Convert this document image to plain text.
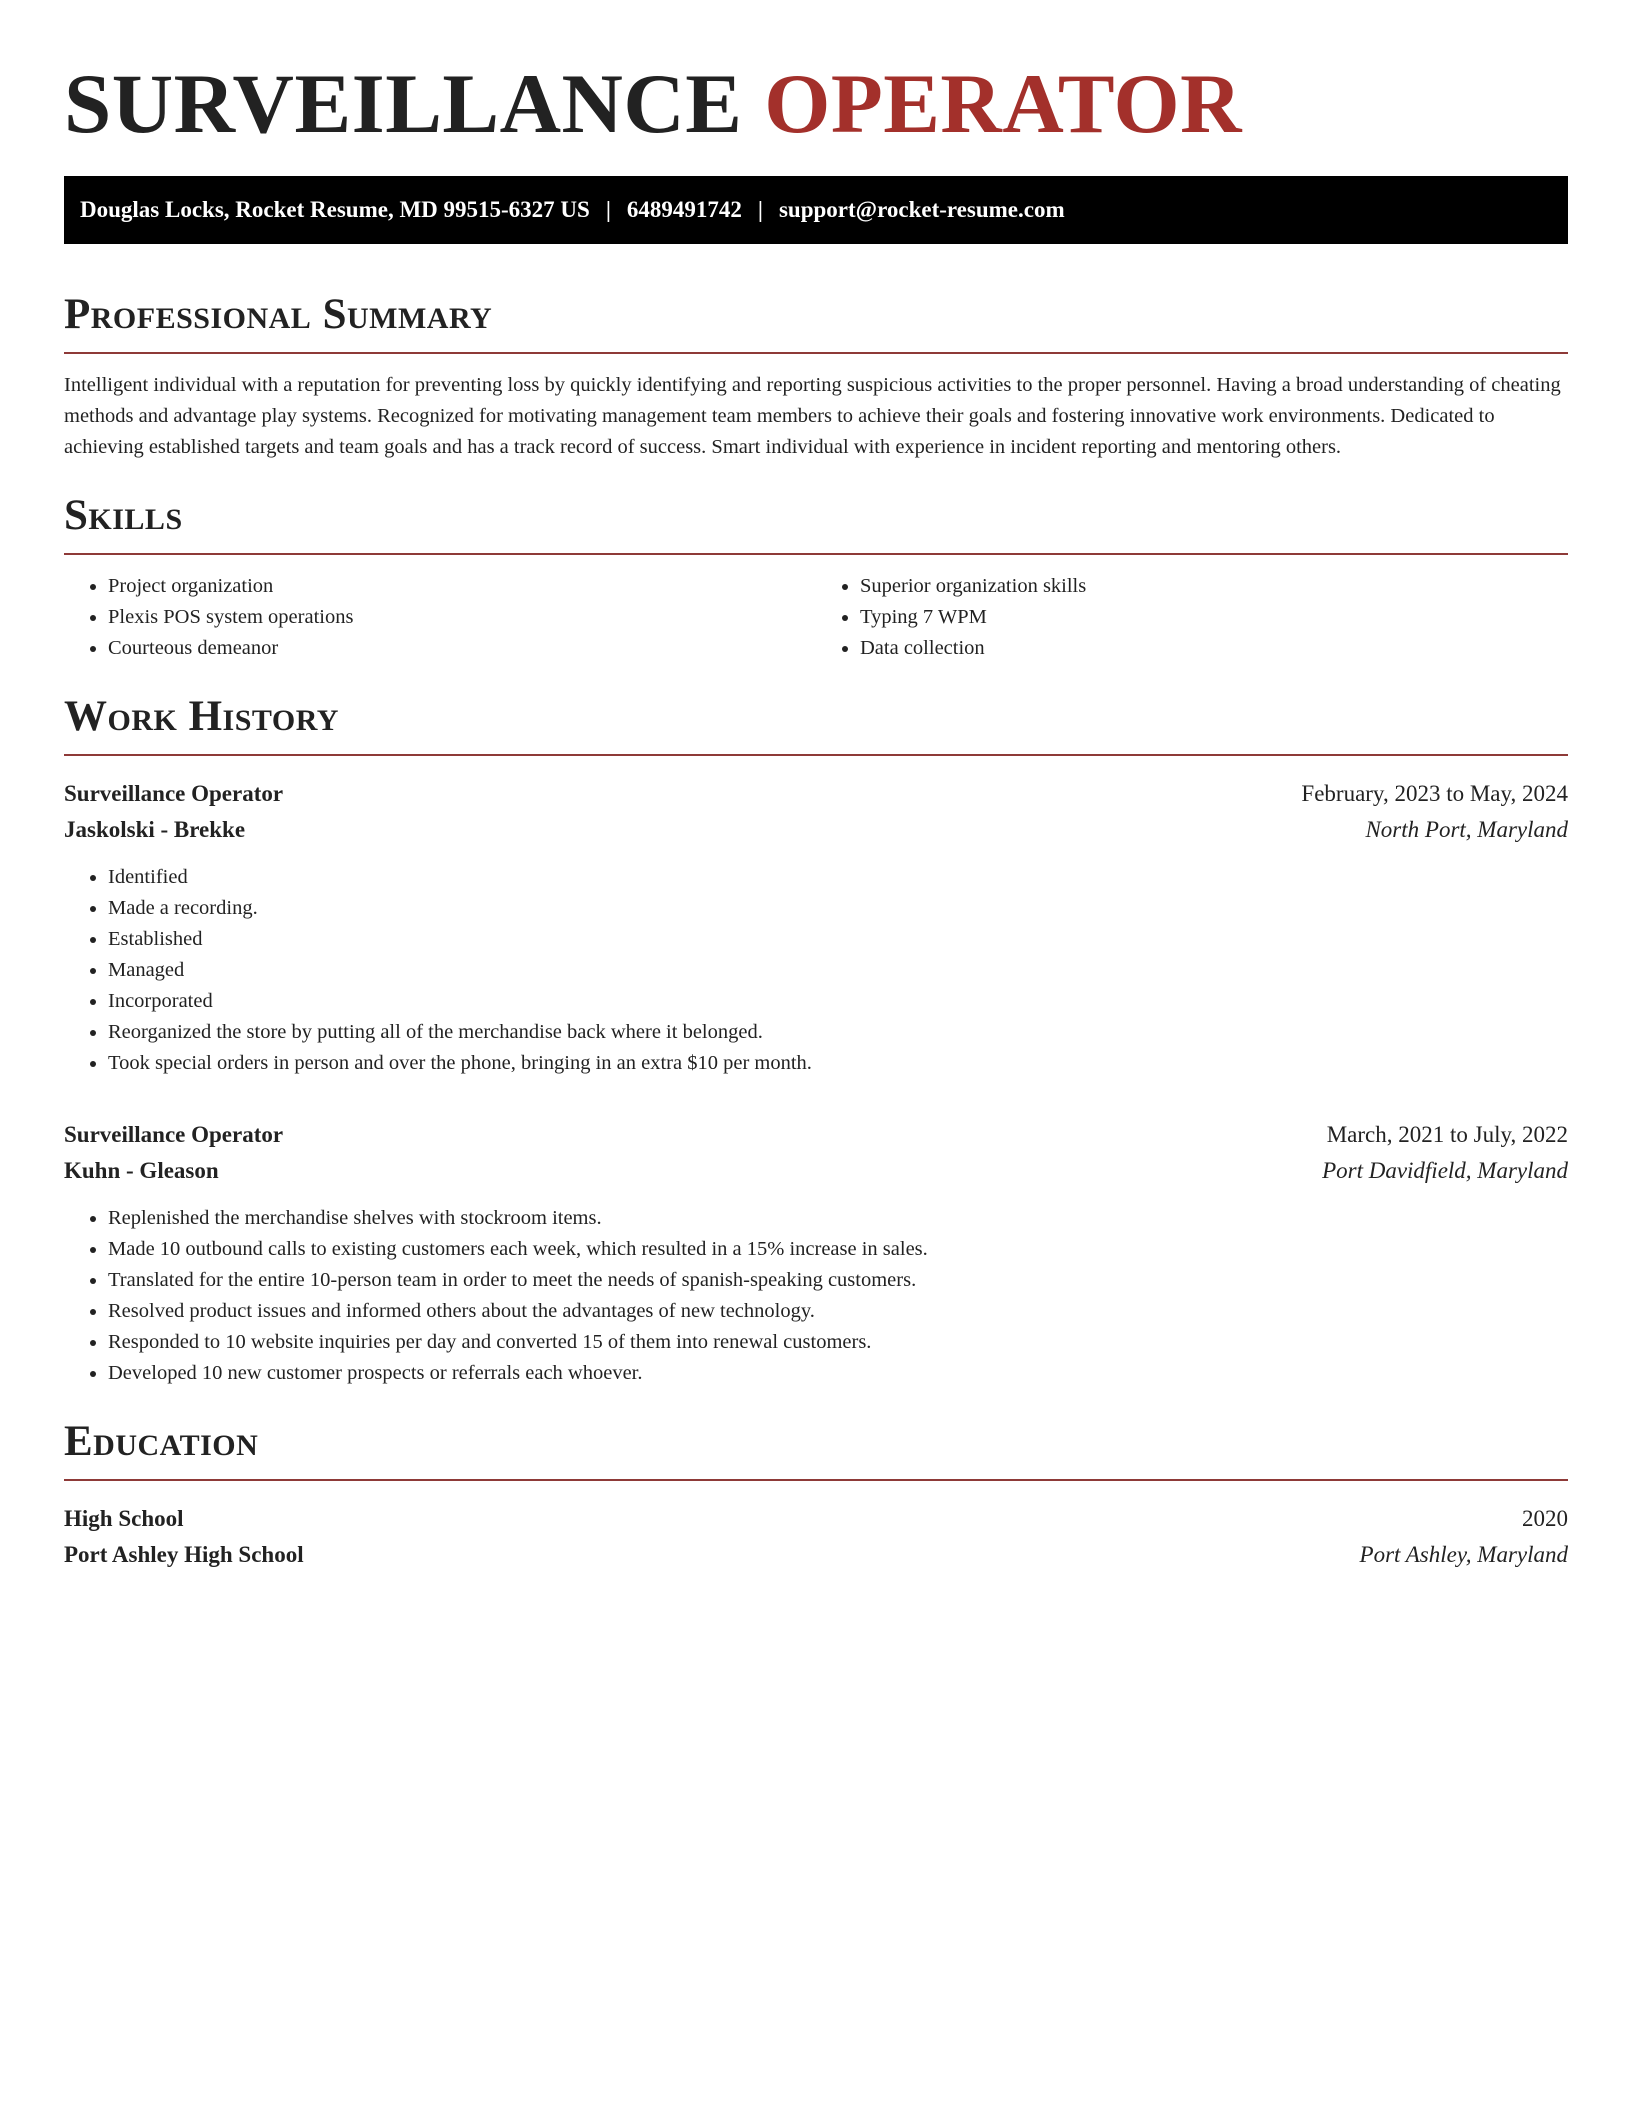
SURVEILLANCE OPERATOR
Douglas Locks, Rocket Resume, MD 99515-6327 US | 6489491742 | support@rocket-resume.com
Professional Summary

Intelligent individual with a reputation for preventing loss by quickly identifying and reporting suspicious activities to the proper personnel. Having a broad understanding of cheating methods and advantage play systems. Recognized for motivating management team members to achieve their goals and fostering innovative work environments. Dedicated to achieving established targets and team goals and has a track record of success. Smart individual with experience in incident reporting and mentoring others.

Skills
• Project organization
• Plexis POS system operations
• Courteous demeanor
• Superior organization skills
• Typing 7 WPM
• Data collection
Work History
Surveillance Operator	February, 2023 to May, 2024
Jaskolski - Brekke	North Port, Maryland
• Identified
• Made a recording.
• Established
• Managed
• Incorporated
• Reorganized the store by putting all of the merchandise back where it belonged.
• Took special orders in person and over the phone, bringing in an extra $10 per month.
Surveillance Operator	March, 2021 to July, 2022
Kuhn - Gleason	Port Davidfield, Maryland
• Replenished the merchandise shelves with stockroom items.
• Made 10 outbound calls to existing customers each week, which resulted in a 15% increase in sales.
• Translated for the entire 10-person team in order to meet the needs of spanish-speaking customers.
• Resolved product issues and informed others about the advantages of new technology.
• Responded to 10 website inquiries per day and converted 15 of them into renewal customers.
• Developed 10 new customer prospects or referrals each whoever.
Education
High School	2020
Port Ashley High School	Port Ashley, Maryland
